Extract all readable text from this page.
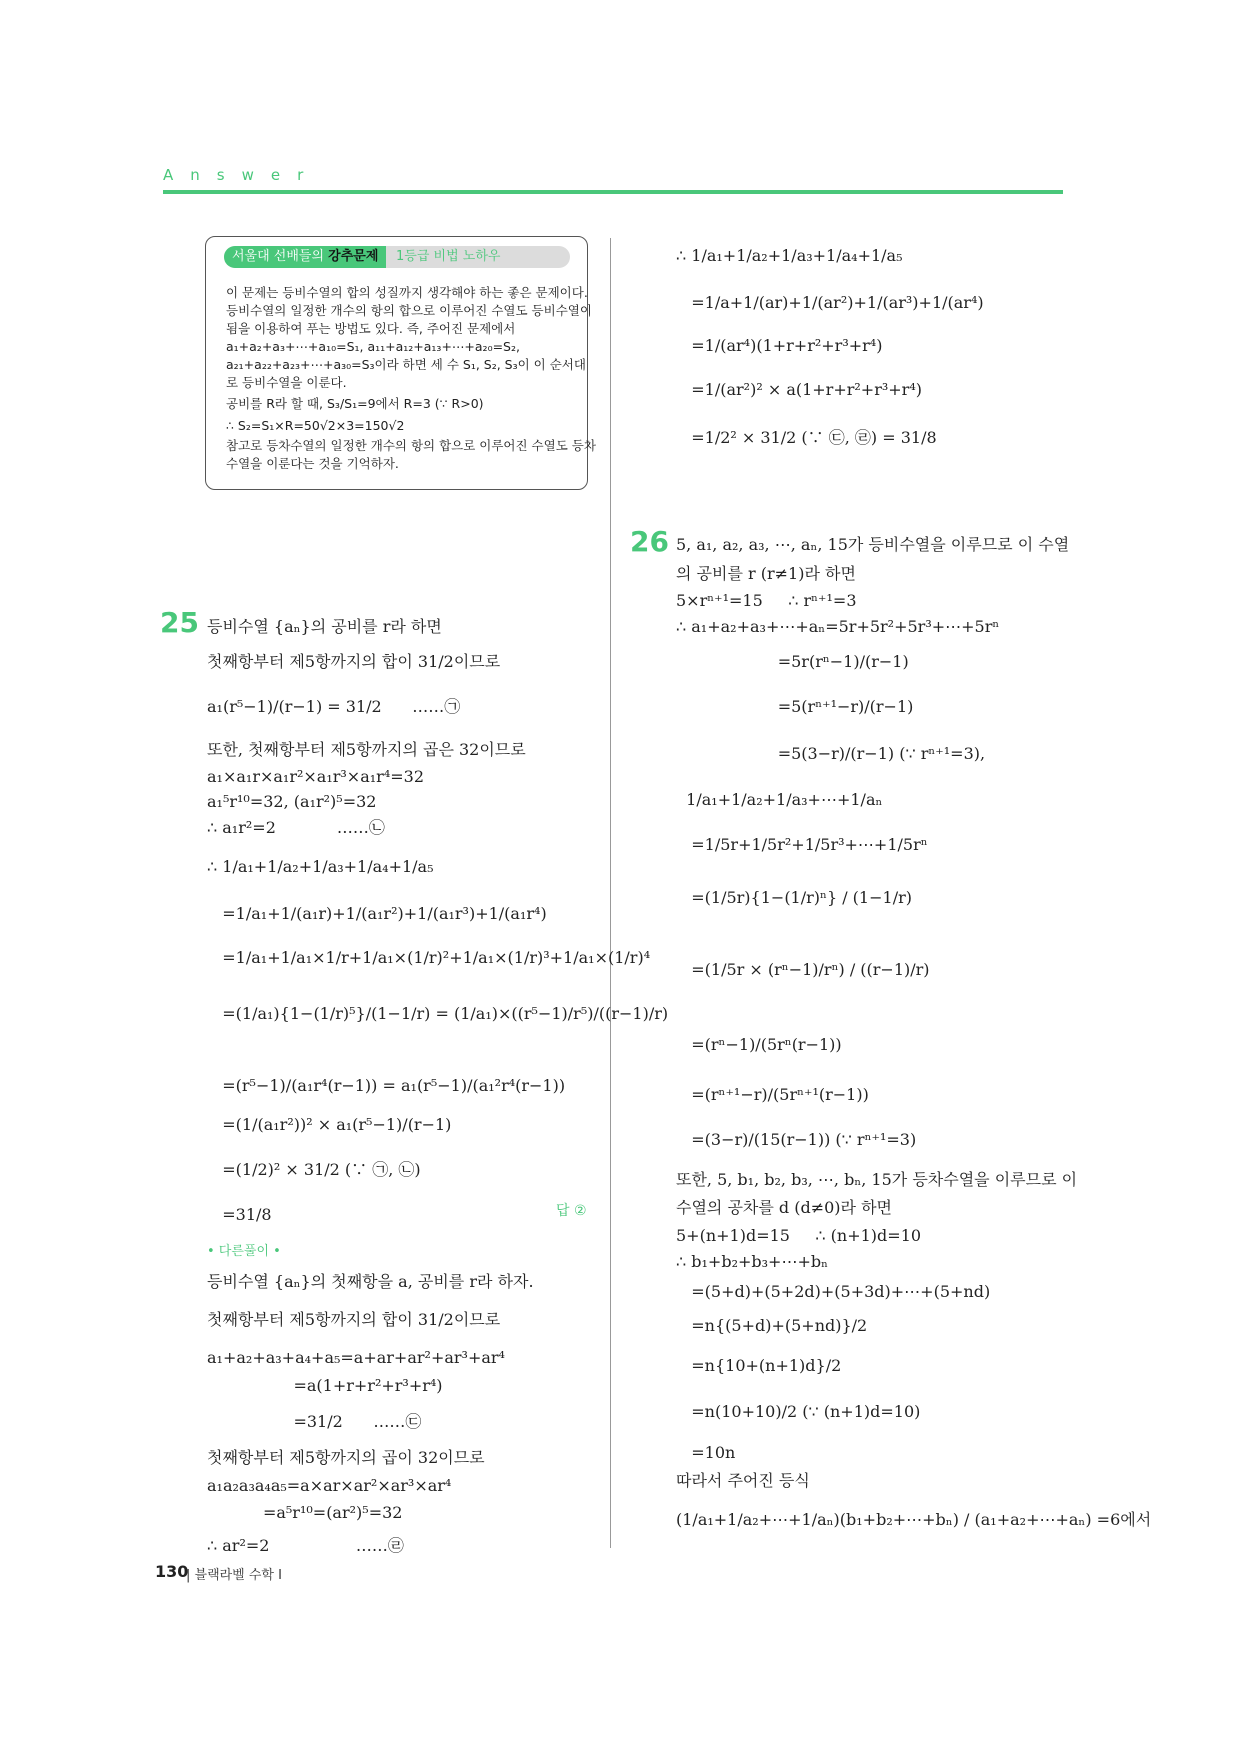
Answer
서울대 선배들의 강추문제	1등급 비법 노하우
이 문제는 등비수열의 합의 성질까지 생각해야 하는 좋은 문제이다.
등비수열의 일정한 개수의 항의 합으로 이루어진 수열도 등비수열이
됨을 이용하여 푸는 방법도 있다. 즉, 주어진 문제에서
a₁+a₂+a₃+⋯+a₁₀=S₁, a₁₁+a₁₂+a₁₃+⋯+a₂₀=S₂,
a₂₁+a₂₂+a₂₃+⋯+a₃₀=S₃이라 하면 세 수 S₁, S₂, S₃이 이 순서대
로 등비수열을 이룬다.
공비를 R라 할 때, S₃/S₁=9에서 R=3 (∵ R>0)
∴ S₂=S₁×R=50√2×3=150√2
참고로 등차수열의 일정한 개수의 항의 합으로 이루어진 수열도 등차
수열을 이룬다는 것을 기억하자.
25 등비수열 {aₙ}의 공비를 r라 하면
첫째항부터 제5항까지의 합이 31/2이므로
a₁(r⁵−1)/(r−1) = 31/2      ……㉠
또한, 첫째항부터 제5항까지의 곱은 32이므로
a₁×a₁r×a₁r²×a₁r³×a₁r⁴=32
a₁⁵r¹⁰=32, (a₁r²)⁵=32
∴ a₁r²=2            ……㉡
∴ 1/a₁+1/a₂+1/a₃+1/a₄+1/a₅
=1/a₁+1/(a₁r)+1/(a₁r²)+1/(a₁r³)+1/(a₁r⁴)
=1/a₁+1/a₁×1/r+1/a₁×(1/r)²+1/a₁×(1/r)³+1/a₁×(1/r)⁴
=(1/a₁){1−(1/r)⁵}/(1−1/r) = (1/a₁)×((r⁵−1)/r⁵)/((r−1)/r)
=(r⁵−1)/(a₁r⁴(r−1)) = a₁(r⁵−1)/(a₁²r⁴(r−1))
=(1/(a₁r²))² × a₁(r⁵−1)/(r−1)
=(1/2)² × 31/2 (∵ ㉠, ㉡)
=31/8	답 ②
• 다른풀이 •
등비수열 {aₙ}의 첫째항을 a, 공비를 r라 하자.
첫째항부터 제5항까지의 합이 31/2이므로
a₁+a₂+a₃+a₄+a₅=a+ar+ar²+ar³+ar⁴
=a(1+r+r²+r³+r⁴)
=31/2      ……㉢
첫째항부터 제5항까지의 곱이 32이므로
a₁a₂a₃a₄a₅=a×ar×ar²×ar³×ar⁴
=a⁵r¹⁰=(ar²)⁵=32
∴ ar²=2                 ……㉣
∴ 1/a₁+1/a₂+1/a₃+1/a₄+1/a₅
=1/a+1/(ar)+1/(ar²)+1/(ar³)+1/(ar⁴)
=1/(ar⁴)(1+r+r²+r³+r⁴)
=1/(ar²)² × a(1+r+r²+r³+r⁴)
=1/2² × 31/2 (∵ ㉢, ㉣) = 31/8
26 5, a₁, a₂, a₃, ⋯, aₙ, 15가 등비수열을 이루므로 이 수열
의 공비를 r (r≠1)라 하면
5×rⁿ⁺¹=15     ∴ rⁿ⁺¹=3
∴ a₁+a₂+a₃+⋯+aₙ=5r+5r²+5r³+⋯+5rⁿ
=5r(rⁿ−1)/(r−1)
=5(rⁿ⁺¹−r)/(r−1)
=5(3−r)/(r−1) (∵ rⁿ⁺¹=3),
1/a₁+1/a₂+1/a₃+⋯+1/aₙ
=1/5r+1/5r²+1/5r³+⋯+1/5rⁿ
=(1/5r){1−(1/r)ⁿ} / (1−1/r)
=(1/5r × (rⁿ−1)/rⁿ) / ((r−1)/r)
=(rⁿ−1)/(5rⁿ(r−1))
=(rⁿ⁺¹−r)/(5rⁿ⁺¹(r−1))
=(3−r)/(15(r−1)) (∵ rⁿ⁺¹=3)
또한, 5, b₁, b₂, b₃, ⋯, bₙ, 15가 등차수열을 이루므로 이
수열의 공차를 d (d≠0)라 하면
5+(n+1)d=15     ∴ (n+1)d=10
∴ b₁+b₂+b₃+⋯+bₙ
=(5+d)+(5+2d)+(5+3d)+⋯+(5+nd)
=n{(5+d)+(5+nd)}/2
=n{10+(n+1)d}/2
=n(10+10)/2 (∵ (n+1)d=10)
=10n
따라서 주어진 등식
(1/a₁+1/a₂+⋯+1/aₙ)(b₁+b₂+⋯+bₙ) / (a₁+a₂+⋯+aₙ) =6에서
130
| 블랙라벨 수학 Ⅰ
